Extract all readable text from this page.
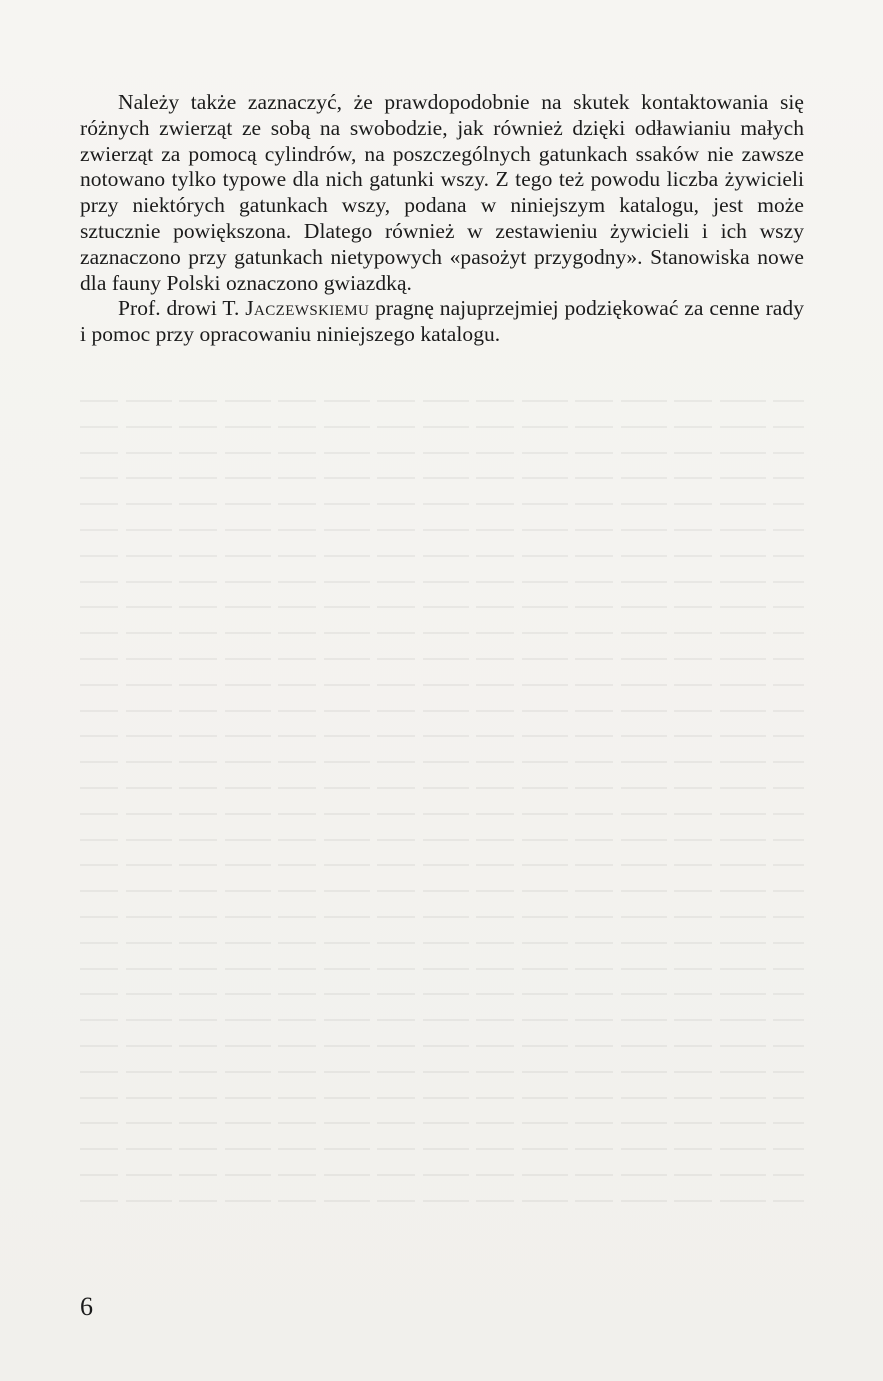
Należy także zaznaczyć, że prawdopodobnie na skutek kontaktowania się różnych zwierząt ze sobą na swobodzie, jak również dzięki odławianiu małych zwierząt za pomocą cylindrów, na poszczególnych gatunkach ssaków nie zawsze notowano tylko typowe dla nich gatunki wszy. Z tego też powodu liczba żywicieli przy niektórych gatunkach wszy, podana w niniejszym katalogu, jest może sztucznie powiększona. Dlatego również w zestawieniu żywicieli i ich wszy zaznaczono przy gatunkach nietypowych «pasożyt przygodny». Stanowiska nowe dla fauny Polski oznaczono gwiazdką.

Prof. drowi T. Jaczewskiemu pragnę najuprzejmiej podziękować za cenne rady i pomoc przy opracowaniu niniejszego katalogu.

6
